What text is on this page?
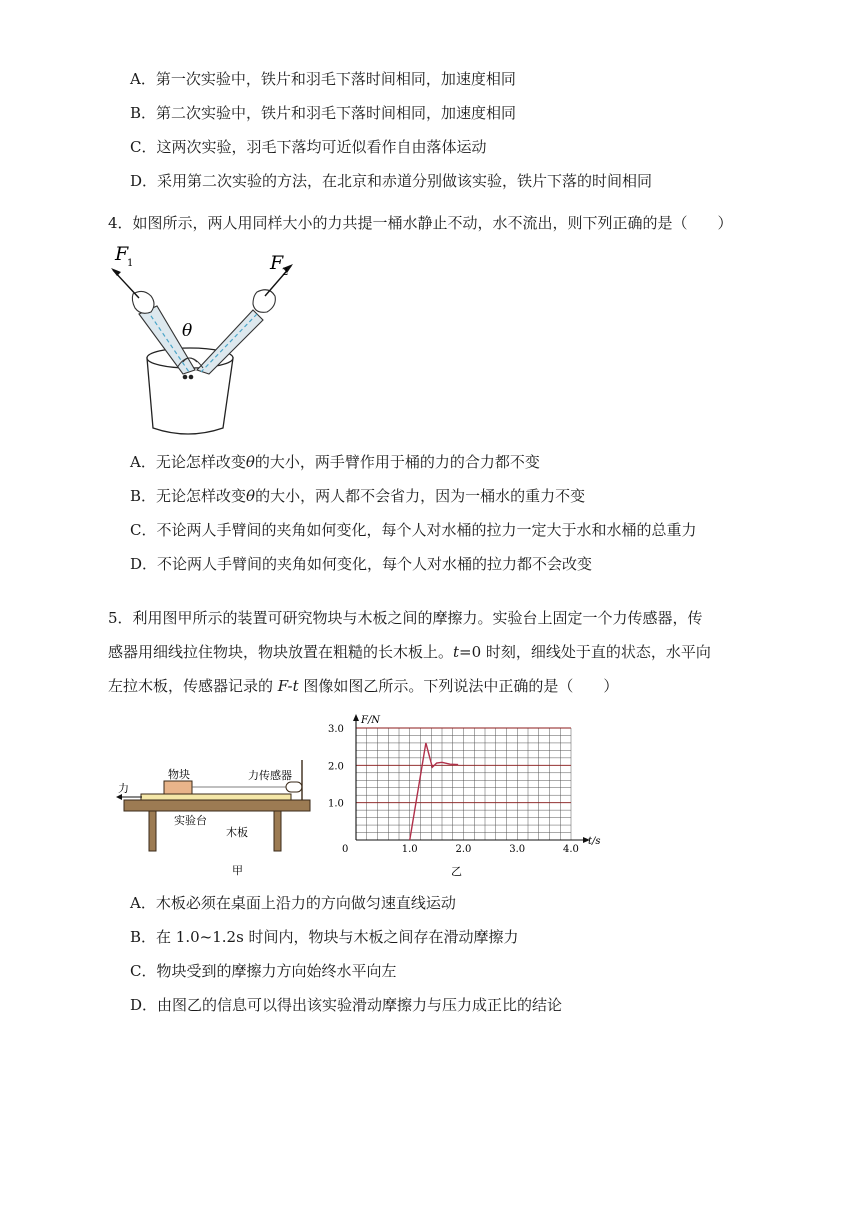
A．第一次实验中，铁片和羽毛下落时间相同，加速度相同
B．第二次实验中，铁片和羽毛下落时间相同，加速度相同
C．这两次实验，羽毛下落均可近似看作自由落体运动
D．采用第二次实验的方法，在北京和赤道分别做该实验，铁片下落的时间相同
4．如图所示，两人用同样大小的力共提一桶水静止不动，水不流出，则下列正确的是（　　）
F
1	F
2
θ
A．无论怎样改变θ的大小，两手臂作用于桶的力的合力都不变
B．无论怎样改变θ的大小，两人都不会省力，因为一桶水的重力不变
C．不论两人手臂间的夹角如何变化，每个人对水桶的拉力一定大于水和水桶的总重力
D．不论两人手臂间的夹角如何变化，每个人对水桶的拉力都不会改变
5．利用图甲所示的装置可研究物块与木板之间的摩擦力。实验台上固定一个力传感器，传
感器用细线拉住物块，物块放置在粗糙的长木板上。t=0 时刻，细线处于直的状态，水平向
左拉木板，传感器记录的 F-t 图像如图乙所示。下列说法中正确的是（　　）
力
物块	力传感器
实验台
木板
甲
0	1.0	2.0	3.0	4.0
1.0
2.0
3.0
F/N
t/s
乙
A．木板必须在桌面上沿力的方向做匀速直线运动
B．在 1.0~1.2s 时间内，物块与木板之间存在滑动摩擦力
C．物块受到的摩擦力方向始终水平向左
D．由图乙的信息可以得出该实验滑动摩擦力与压力成正比的结论
